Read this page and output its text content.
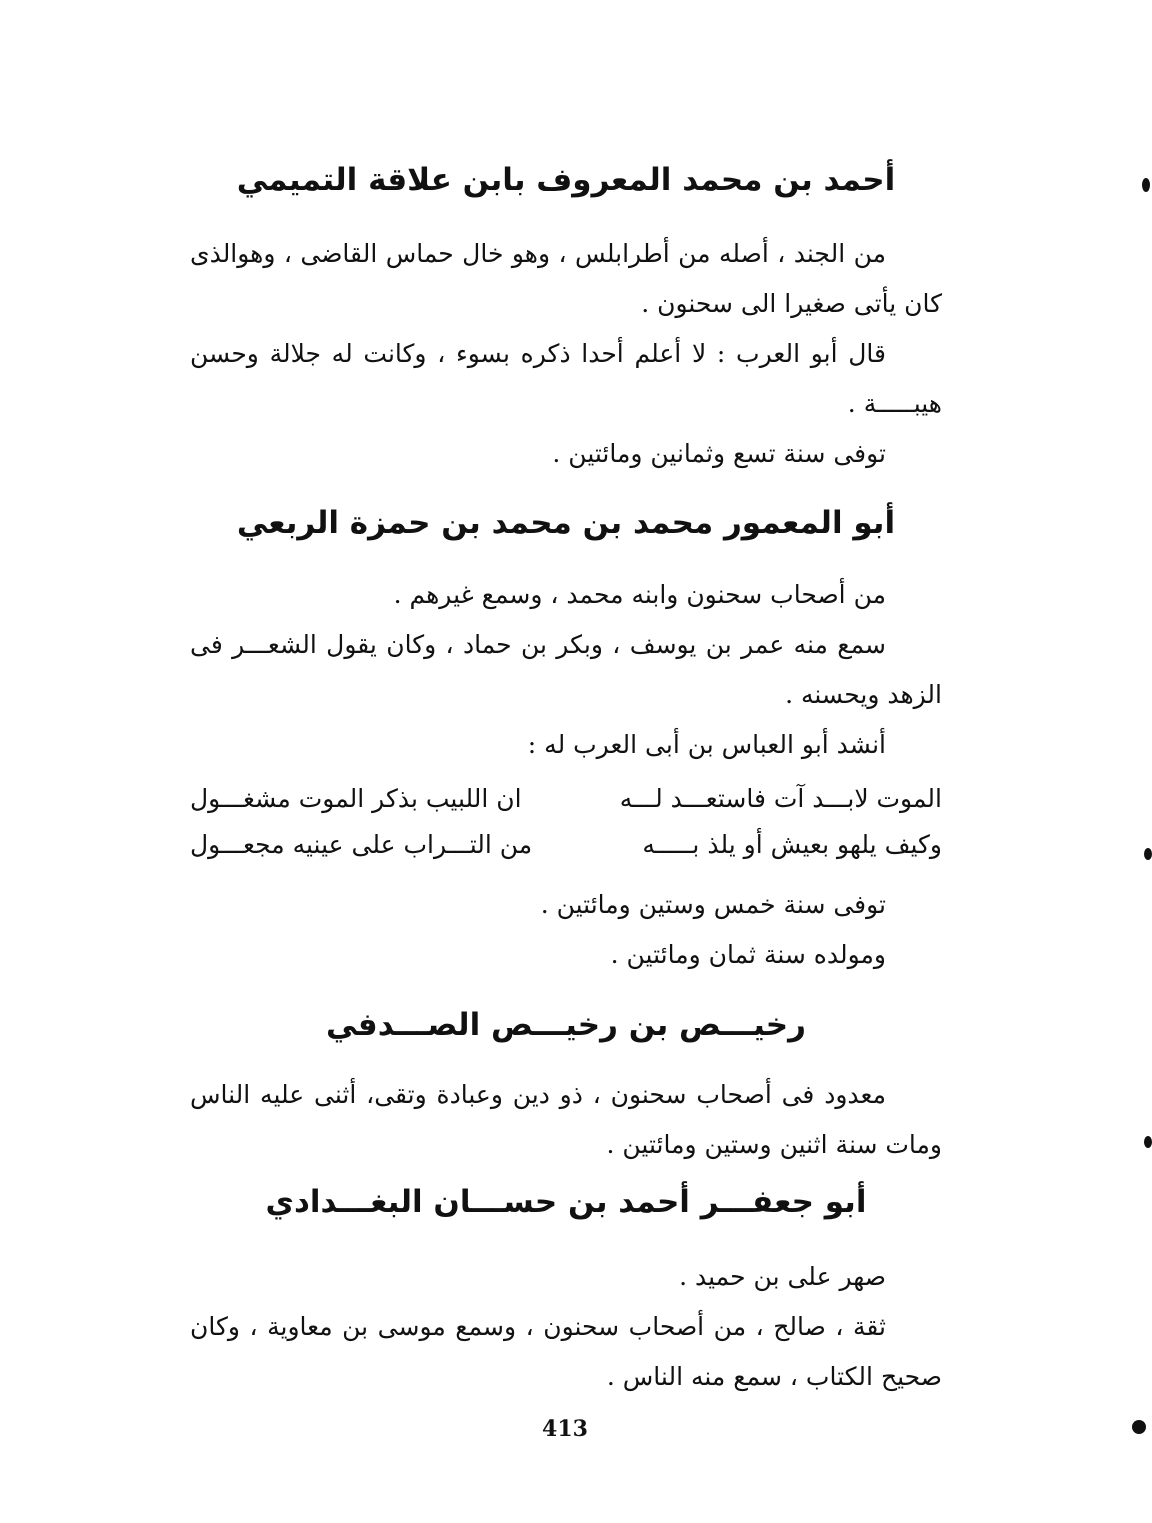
أحمد بن محمد المعروف بابن علاقة التميمي

من الجند ، أصله من أطرابلس ، وهو خال حماس القاضى ، وهوالذى كان يأتى صغيرا الى سحنون .

قال أبو العرب : لا أعلم أحدا ذكره بسوء ، وكانت له جلالة وحسن هيبـــــة .

توفى سنة تسع وثمانين ومائتين .

أبو المعمور محمد بن محمد بن حمزة الربعي

من أصحاب سحنون وابنه محمد ، وسمع غيرهم .

سمع منه عمر بن يوسف ، وبكر بن حماد ، وكان يقول الشعـــر فى الزهد ويحسنه .

أنشد أبو العباس بن أبى العرب له :

الموت لابـــد آت فاستعـــد لـــه
ان اللبيب بذكر الموت مشغـــول
وكيف يلهو بعيش أو يلذ بـــــه
من التـــراب على عينيه مجعـــول

توفى سنة خمس وستين ومائتين .

ومولده سنة ثمان ومائتين .

رخيـــص بن رخيـــص الصـــدفي

معدود فى أصحاب سحنون ، ذو دين وعبادة وتقى، أثنى عليه الناس ومات سنة اثنين وستين ومائتين .

أبو جعفـــر أحمد بن حســـان البغـــدادي

صهر على بن حميد .

ثقة ، صالح ، من أصحاب سحنون ، وسمع موسى بن معاوية ، وكان صحيح الكتاب ، سمع منه الناس .

413
